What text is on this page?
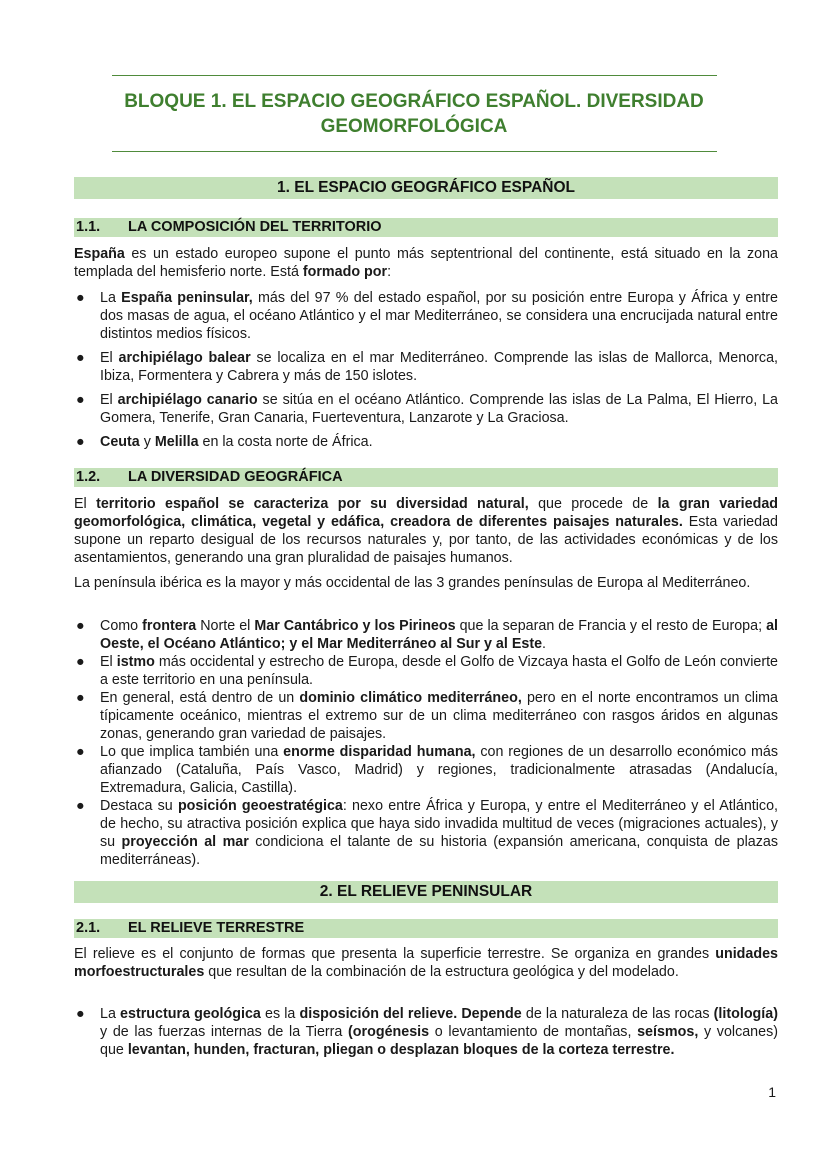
BLOQUE 1. EL ESPACIO GEOGRÁFICO ESPAÑOL. DIVERSIDAD
GEOMORFOLÓGICA
1. EL ESPACIO GEOGRÁFICO ESPAÑOL
1.1. LA COMPOSICIÓN DEL TERRITORIO

España es un estado europeo supone el punto más septentrional del continente, está situado en la zona templada del hemisferio norte. Está formado por:

● La España peninsular, más del 97 % del estado español, por su posición entre Europa y África y entre dos masas de agua, el océano Atlántico y el mar Mediterráneo, se considera una encrucijada natural entre distintos medios físicos.
● El archipiélago balear se localiza en el mar Mediterráneo. Comprende las islas de Mallorca, Menorca, Ibiza, Formentera y Cabrera y más de 150 islotes.
● El archipiélago canario se sitúa en el océano Atlántico. Comprende las islas de La Palma, El Hierro, La Gomera, Tenerife, Gran Canaria, Fuerteventura, Lanzarote y La Graciosa.
● Ceuta y Melilla en la costa norte de África.
1.2. LA DIVERSIDAD GEOGRÁFICA

El territorio español se caracteriza por su diversidad natural, que procede de la gran variedad geomorfológica, climática, vegetal y edáfica, creadora de diferentes paisajes naturales. Esta variedad supone un reparto desigual de los recursos naturales y, por tanto, de las actividades económicas y de los asentamientos, generando una gran pluralidad de paisajes humanos.

La península ibérica es la mayor y más occidental de las 3 grandes penínsulas de Europa al Mediterráneo.

● Como frontera Norte el Mar Cantábrico y los Pirineos que la separan de Francia y el resto de Europa; al Oeste, el Océano Atlántico; y el Mar Mediterráneo al Sur y al Este.
● El istmo más occidental y estrecho de Europa, desde el Golfo de Vizcaya hasta el Golfo de León convierte a este territorio en una península.
● En general, está dentro de un dominio climático mediterráneo, pero en el norte encontramos un clima típicamente oceánico, mientras el extremo sur de un clima mediterráneo con rasgos áridos en algunas zonas, generando gran variedad de paisajes.
● Lo que implica también una enorme disparidad humana, con regiones de un desarrollo económico más afianzado (Cataluña, País Vasco, Madrid) y regiones, tradicionalmente atrasadas (Andalucía, Extremadura, Galicia, Castilla).
● Destaca su posición geoestratégica: nexo entre África y Europa, y entre el Mediterráneo y el Atlántico, de hecho, su atractiva posición explica que haya sido invadida multitud de veces (migraciones actuales), y su proyección al mar condiciona el talante de su historia (expansión americana, conquista de plazas mediterráneas).
2. EL RELIEVE PENINSULAR
2.1. EL RELIEVE TERRESTRE

El relieve es el conjunto de formas que presenta la superficie terrestre. Se organiza en grandes unidades morfoestructurales que resultan de la combinación de la estructura geológica y del modelado.

● La estructura geológica es la disposición del relieve. Depende de la naturaleza de las rocas (litología) y de las fuerzas internas de la Tierra (orogénesis o levantamiento de montañas, seísmos, y volcanes) que levantan, hunden, fracturan, pliegan o desplazan bloques de la corteza terrestre.
1
